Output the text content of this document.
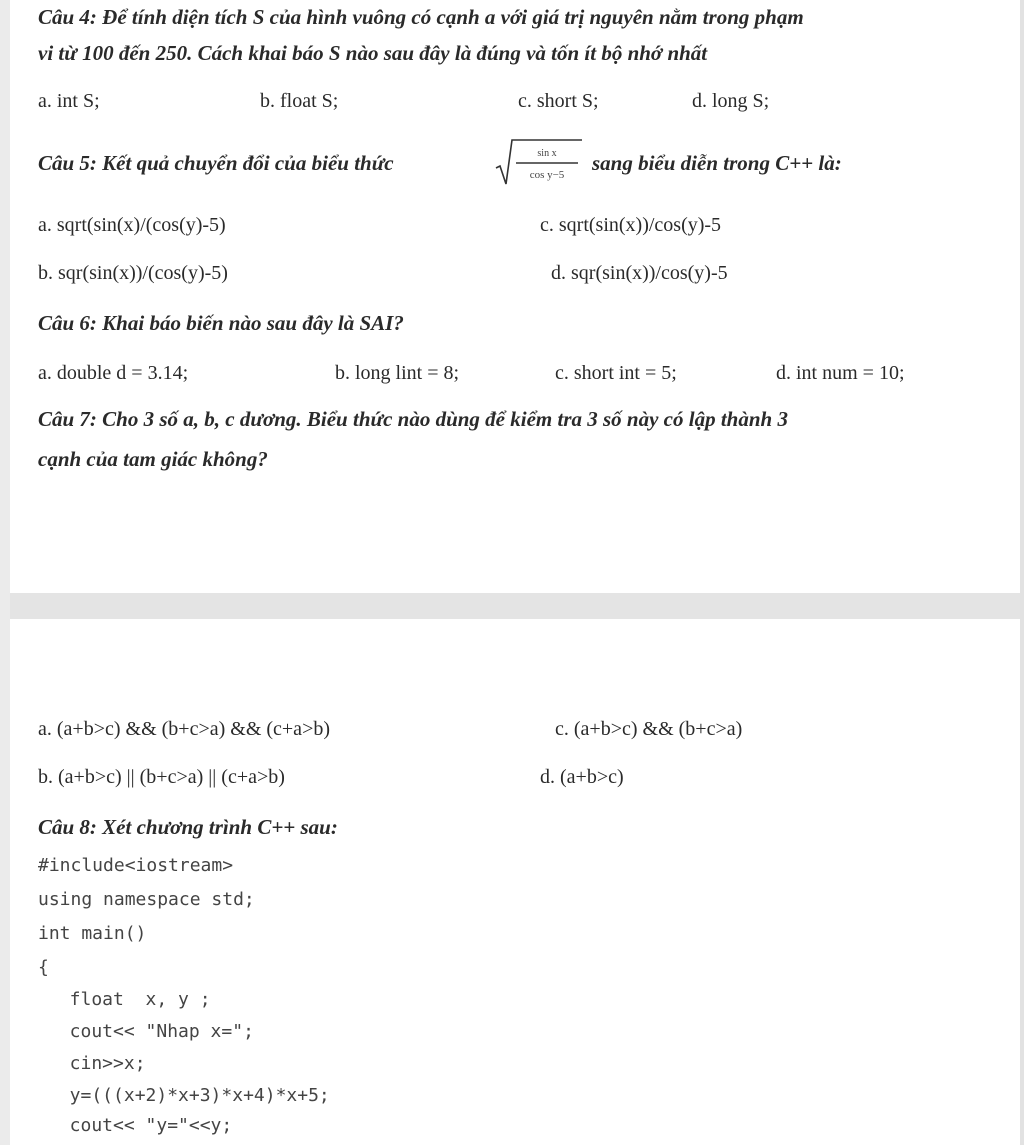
Câu 4: Để tính diện tích S của hình vuông có cạnh a với giá trị nguyên nằm trong phạm
vi từ 100 đến 250. Cách khai báo S nào sau đây là đúng và tốn ít bộ nhớ nhất
a. int S;	b. float S;	c. short S;	d. long S;
Câu 5: Kết quả chuyển đổi của biểu thức	sin x
cos y−5 sang biểu diễn trong C++ là:
a. sqrt(sin(x)/(cos(y)-5)	c. sqrt(sin(x))/cos(y)-5
b. sqr(sin(x))/(cos(y)-5)	d. sqr(sin(x))/cos(y)-5
Câu 6: Khai báo biến nào sau đây là SAI?
a. double d = 3.14;	b. long lint = 8;	c. short int = 5;	d. int num = 10;
Câu 7: Cho 3 số a, b, c dương. Biểu thức nào dùng để kiểm tra 3 số này có lập thành 3
cạnh của tam giác không?
a. (a+b>c) && (b+c>a) && (c+a>b)	c. (a+b>c) && (b+c>a)
b. (a+b>c) || (b+c>a) || (c+a>b)	d. (a+b>c)
Câu 8: Xét chương trình C++ sau:
#include<iostream>
using namespace std;
int main()
{
float  x, y ;
cout<< "Nhap x=";
cin>>x;
y=(((x+2)*x+3)*x+4)*x+5;
cout<< "y="<<y;
